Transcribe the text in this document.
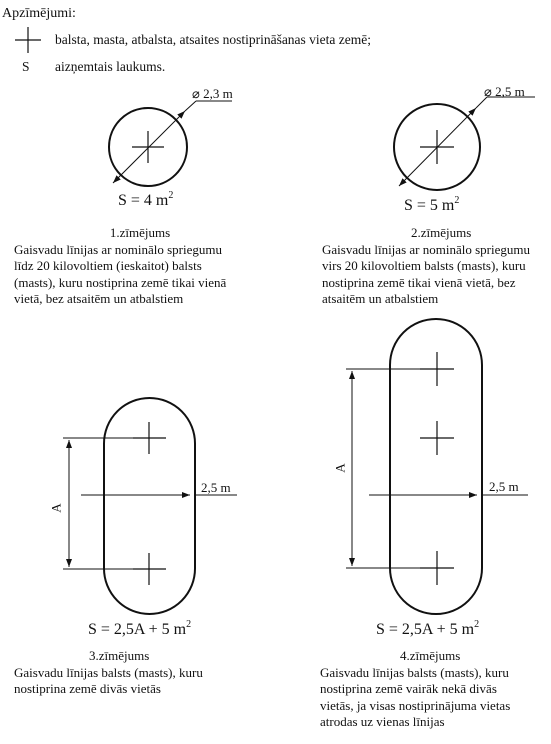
Apzīmējumi:
balsta, masta, atbalsta, atsaites nostiprināšanas vieta zemē;
S aizņemtais laukums.
⌀ 2,3 m
S = 4 $m^2$
1.zīmējums
Gaisvadu līnijas ar nominālo spriegumu
līdz 20 kilovoltiem (ieskaitot) balsts
(masts), kuru nostiprina zemē tikai vienā
vietā, bez atsaitēm un atbalstiem
⌀ 2,5 m
S = 5 $m^2$
2.zīmējums
Gaisvadu līnijas ar nominālo spriegumu
virs 20 kilovoltiem balsts (masts), kuru
nostiprina zemē tikai vienā vietā, bez
atsaitēm un atbalstiem
2,5 m
A
S = 2,5A + 5 $m^2$
3.zīmējums
Gaisvadu līnijas balsts (masts), kuru
nostiprina zemē divās vietās
2,5 m
A
S = 2,5A + 5 $m^2$
4.zīmējums
Gaisvadu līnijas balsts (masts), kuru
nostiprina zemē vairāk nekā divās
vietās, ja visas nostiprinājuma vietas
atrodas uz vienas līnijas
